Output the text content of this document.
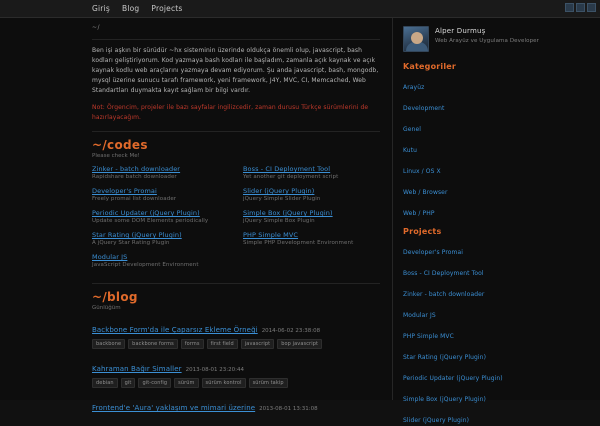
Giriş Blog Projects
~/

Ben işi aşkın bir sürüdür ~hx sisteminin üzerinde oldukça önemli olup, javascript, bash kodları geliştiriyorum. Kod yazmaya bash kodları ile başladım, zamanla açık kaynak ve açık kaynak kodlu web araçlarını yazmaya devam ediyorum. Şu anda javascript, bash, mongodb, mysql üzerine sunucu tarafı framework, yeni framework, J4Y, MVC, CI, Memcached, Web Standartları duymakta kayıt sağlam bir bilgi vardır.

Not: Örgencim, projeler ile bazı sayfalar ingilizcedir, zaman durusu Türkçe sürümlerini de hazırlayacağım.

~/codes
Please check Me!
Zinker - batch downloader
Rapidshare batch downloader
Developer's Promai
Freely promai list downloader
Periodic Updater (jQuery Plugin)
Update some DOM Elements periodically
Star Rating (jQuery Plugin)
A jQuery Star Rating Plugin
Modular JS
JavaScript Development Environment
Boss - CI Deployment Tool
Yet another git deployment script
Slider (jQuery Plugin)
jQuery Simple Slider Plugin
Simple Box (jQuery Plugin)
jQuery Simple Box Plugin
PHP Simple MVC
Simple PHP Development Environment
~/blog
Günlüğüm
Backbone Form'da ile Çaparsız Ekleme Örneği 2014-06-02 23:38:08
backbone	backbone forms	forms	first field	javascript	bop javascript
Kahraman Bağır Simaller 2013-08-01 23:20:44
debian	git	git-config	sürüm	sürüm kontrol	sürüm takip
Frontend'e 'Aura' yaklaşım ve mimari üzerine 2013-08-01 13:31:08
Alper Durmuş
Web Arayüz ve Uygulama Developer
Kategoriler
Arayüz
Development
Genel
Kutu
Linux / OS X
Web / Browser
Web / PHP
Projects
Developer's Promai
Boss - CI Deployment Tool
Zinker - batch downloader
Modular JS
PHP Simple MVC
Star Rating (jQuery Plugin)
Periodic Updater (jQuery Plugin)
Simple Box (jQuery Plugin)
Slider (jQuery Plugin)
